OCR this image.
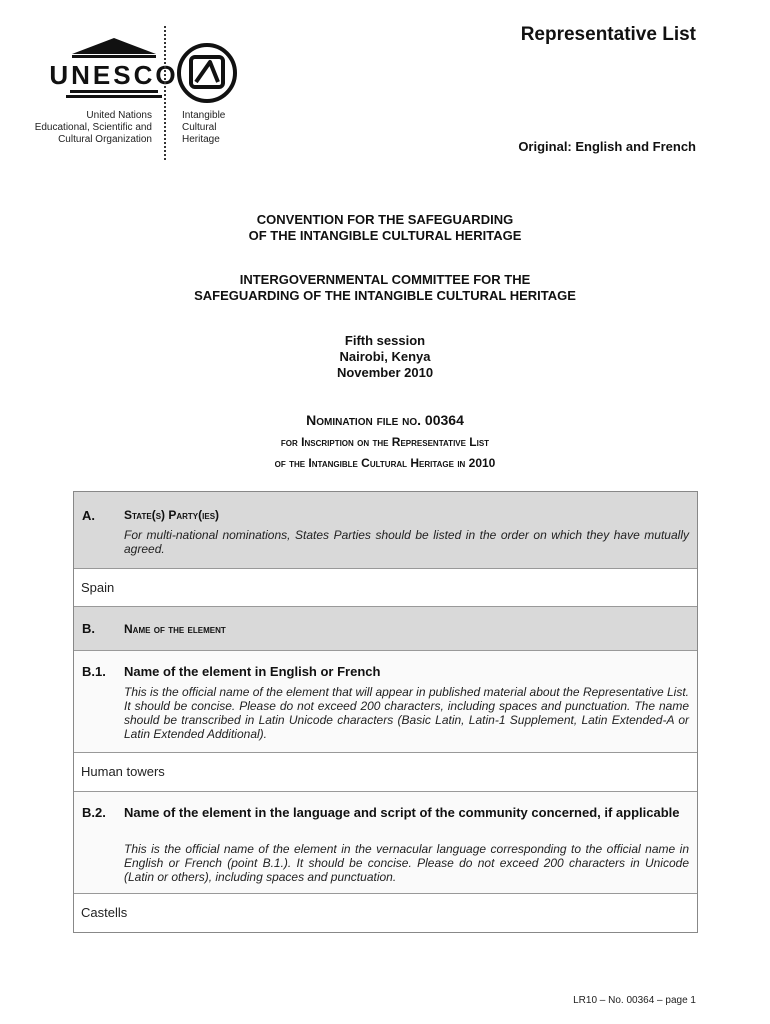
UNESCO
United Nations
Educational, Scientific and
Cultural Organization
Intangible
Cultural
Heritage
Representative List
Original: English and French
CONVENTION FOR THE SAFEGUARDING
OF THE INTANGIBLE CULTURAL HERITAGE
INTERGOVERNMENTAL COMMITTEE FOR THE
SAFEGUARDING OF THE INTANGIBLE CULTURAL HERITAGE
Fifth session
Nairobi, Kenya
November 2010
Nomination file no. 00364
for Inscription on the Representative List
of the Intangible Cultural Heritage in 2010
A. State(s) Party(ies)
For multi-national nominations, States Parties should be listed in the order on which they have mutually agreed.
Spain
B. Name of the element
B.1. Name of the element in English or French
This is the official name of the element that will appear in published material about the Representative List. It should be concise. Please do not exceed 200 characters, including spaces and punctuation. The name should be transcribed in Latin Unicode characters (Basic Latin, Latin-1 Supplement, Latin Extended-A or Latin Extended Additional).
Human towers
B.2. Name of the element in the language and script of the community concerned, if applicable
This is the official name of the element in the vernacular language corresponding to the official name in English or French (point B.1.). It should be concise. Please do not exceed 200 characters in Unicode (Latin or others), including spaces and punctuation.
Castells
LR10 – No. 00364 – page 1
